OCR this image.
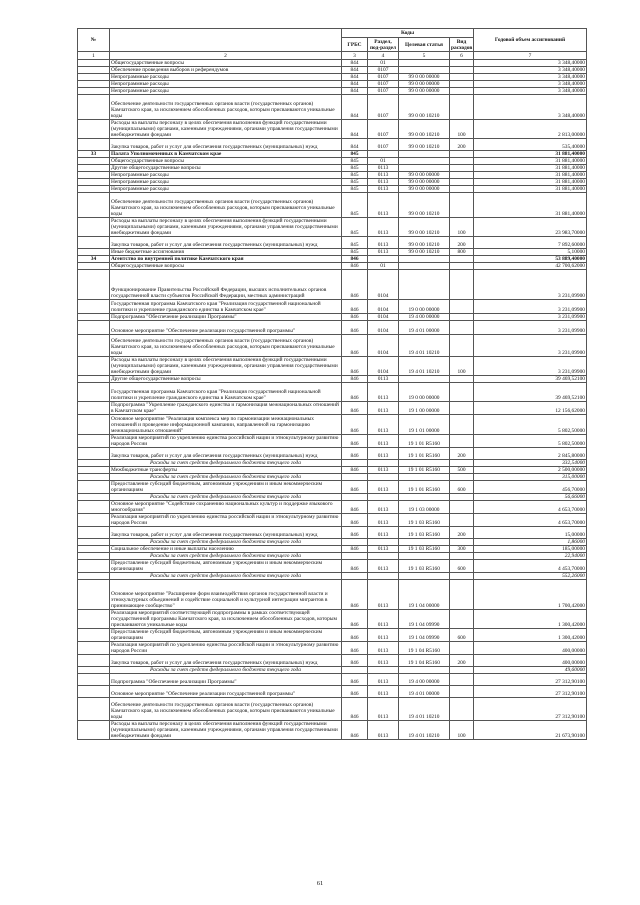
№		Коды				Годовой объем ассигнований
		ГРБС	Раздел, под-раздел	Целевая статья	Вид расходов	
1	2	3	4	5	6	7
	Общегосударственные вопросы	844	01			3 348,40000
	Обеспечение проведения выборов и референдумов	844	0107			3 348,40000
	Непрограммные расходы	844	0107	99 0 00 00000		3 348,40000
	Непрограммные расходы	844	0107	99 0 00 00000		3 348,40000
	Непрограммные расходы	844	0107	99 0 00 00000		3 348,40000
	Обеспечение деятельности государственных органов власти (государственных органов) Камчатского края, за исключением обособленных расходов, которым присваиваются уникальные коды	844	0107	99 0 00 10210		3 348,40000
	Расходы на выплаты персоналу в целях обеспечения выполнения функций государственными (муниципальными) органами, казенными учреждениями, органами управления государственными внебюджетными фондами	844	0107	99 0 00 10210	100	2 813,00000
	Закупка товаров, работ и услуг для обеспечения государственных (муниципальных) нужд	844	0107	99 0 00 10210	200	535,40000
33	Палата Уполномоченных в Камчатском крае	845				31 881,40000
	Общегосударственные вопросы	845	01			31 881,40000
	Другие общегосударственные вопросы	845	0113			31 881,40000
	Непрограммные расходы	845	0113	99 0 00 00000		31 881,40000
	Непрограммные расходы	845	0113	99 0 00 00000		31 881,40000
	Непрограммные расходы	845	0113	99 0 00 00000		31 881,40000
	Обеспечение деятельности государственных органов власти (государственных органов) Камчатского края, за исключением обособленных расходов, которым присваиваются уникальные коды	845	0113	99 0 00 10210		31 881,40000
	Расходы на выплаты персоналу в целях обеспечения выполнения функций государственными (муниципальными) органами, казенными учреждениями, органами управления государственными внебюджетными фондами	845	0113	99 0 00 10210	100	23 983,70000
	Закупка товаров, работ и услуг для обеспечения государственных (муниципальных) нужд	845	0113	99 0 00 10210	200	7 892,60000
	Иные бюджетные ассигнования	845	0113	99 0 00 10210	800	5,10000
34	Агентство по внутренней политике Камчатского края	846				53 889,40000
	Общегосударственные вопросы	846	01			42 700,62000
	Функционирование Правительства Российской Федерации, высших исполнительных органов государственной власти субъектов Российской Федерации, местных администраций	846	0104			3 231,09900
	Государственная программа Камчатского края "Реализация государственной национальной политики и укрепление гражданского единства в Камчатском крае"	846	0104	19 0 00 00000		3 231,09900
	Подпрограмма "Обеспечение реализации Программы"	846	0104	19 4 00 00000		3 231,09900
	Основное мероприятие "Обеспечение реализации государственной программы"	846	0104	19 4 01 00000		3 231,09900
	Обеспечение деятельности государственных органов власти (государственных органов) Камчатского края, за исключением обособленных расходов, которым присваиваются уникальные коды	846	0104	19 4 01 10210		3 231,09900
	Расходы на выплаты персоналу в целях обеспечения выполнения функций государственными (муниципальными) органами, казенными учреждениями, органами управления государственными внебюджетными фондами	846	0104	19 4 01 10210	100	3 231,09900
	Другие общегосударственные вопросы	846	0113			39 469,52100
	Государственная программа Камчатского края "Реализация государственной национальной политики и укрепление гражданского единства в Камчатском крае"	846	0113	19 0 00 00000		39 469,52100
	Подпрограмма "Укрепление гражданского единства и гармонизация межнациональных отношений в Камчатском крае"	846	0113	19 1 00 00000		12 156,62000
	Основное мероприятие "Реализация комплекса мер по гармонизации межнациональных отношений и проведение информационной кампании, направленной на гармонизацию межнациональных отношений"	846	0113	19 1 01 00000		5 802,50000
	Реализация мероприятий по укреплению единства российской нации и этнокультурному развитию народов России	846	0113	19 1 01 R5160		5 802,50000
	Закупка товаров, работ и услуг для обеспечения государственных (муниципальных) нужд	846	0113	19 1 01 R5160	200	2 845,80000
	Расходы за счет средств федерального бюджета текущего года					332,54000
	Межбюджетные трансферты	846	0113	19 1 01 R5160	500	2 500,00000
	Расходы за счет средств федерального бюджета текущего года					315,00000
	Предоставление субсидий бюджетным, автономным учреждениям и иным некоммерческим организациям	846	0113	19 1 01 R5160	600	456,70000
	Расходы за счет средств федерального бюджета текущего года					56,66000
	Основное мероприятие "Содействие сохранению национальных культур и поддержке языкового многообразия"	846	0113	19 1 03 00000		4 653,70000
	Реализация мероприятий по укреплению единства российской нации и этнокультурному развитию народов России	846	0113	19 1 03 R5160		4 653,70000
	Закупка товаров, работ и услуг для обеспечения государственных (муниципальных) нужд	846	0113	19 1 03 R5160	200	15,00000
	Расходы за счет средств федерального бюджета текущего года					1,86000
	Социальное обеспечение и иные выплаты населению	846	0113	19 1 03 R5160	300	185,00000
	Расходы за счет средств федерального бюджета текущего года					22,94000
	Предоставление субсидий бюджетным, автономным учреждениям и иным некоммерческим организациям	846	0113	19 1 03 R5160	600	4 453,70000
	Расходы за счет средств федерального бюджета текущего года					552,26000
	Основное мероприятие "Расширение форм взаимодействия органов государственной власти и этнокультурных объединений и содействие социальной и культурной интеграции мигрантов в принимающее сообщество"	846	0113	19 1 04 00000		1 700,42000
	Реализация мероприятий соответствующей подпрограммы в рамках соответствующей государственной программы Камчатского края, за исключением обособленных расходов, которым присваиваются уникальные коды	846	0113	19 1 04 09990		1 300,42000
	Предоставление субсидий бюджетным, автономным учреждениям и иным некоммерческим организациям	846	0113	19 1 04 09990	600	1 300,42000
	Реализация мероприятий по укреплению единства российской нации и этнокультурному развитию народов России	846	0113	19 1 04 R5160		400,00000
	Закупка товаров, работ и услуг для обеспечения государственных (муниципальных) нужд	846	0113	19 1 04 R5160	200	400,00000
	Расходы за счет средств федерального бюджета текущего года					49,60000
	Подпрограмма "Обеспечение реализации Программы"	846	0113	19 4 00 00000		27 312,90100
	Основное мероприятие "Обеспечение реализации государственной программы"	846	0113	19 4 01 00000		27 312,90100
	Обеспечение деятельности государственных органов власти (государственных органов) Камчатского края, за исключением обособленных расходов, которым присваиваются уникальные коды	846	0113	19 4 01 10210		27 312,90100
	Расходы на выплаты персоналу в целях обеспечения выполнения функций государственными (муниципальными) органами, казенными учреждениями, органами управления государственными внебюджетными фондами	846	0113	19 4 01 10210	100	21 673,90100
61
